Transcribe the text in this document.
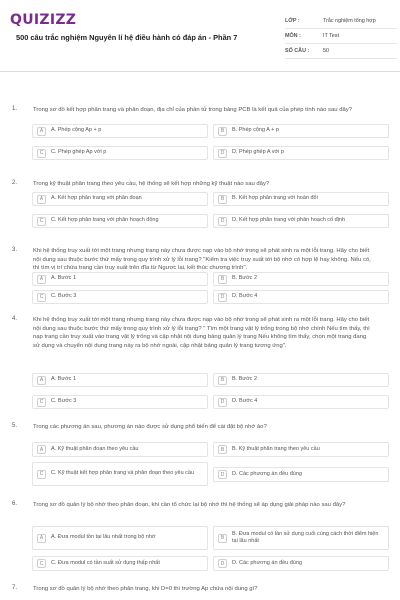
QUIZIZZ
500 câu trắc nghiệm Nguyên lí hệ điều hành có đáp án - Phần 7
LỚP :	Trắc nghiệm tổng hợp
MÔN :	IT Test
SỐ CÂU :	50
1.	Trong sơ đồ kết hợp phân trang và phân đoạn, địa chỉ của phần tử trong bảng PCB là kết quả của phép tính nào sau đây?
A	A. Phép cộng Ap + p	B	B. Phép cộng A + p
C	C. Phép ghép Ap với p	D	D. Phép ghép A với p
2.	Trong kỹ thuật phân trang theo yêu cầu, hệ thống sẽ kết hợp những kỹ thuật nào sau đây?
A	A. Kết hợp phân trang với phân đoạn	B	B. Kết hợp phân trang với hoán đổi
C	C. Kết hợp phân trang với phân hoạch động	D	D. Kết hợp phân trang với phân hoạch cố định
3.	Khi hệ thống truy xuất tới một trang nhưng trang này chưa được nạp vào bộ nhớ trong sẽ phát sinh ra một lỗi trang. Hãy cho biết nội dung sau thuộc bước thứ mấy trong quy trình xử lý lỗi trang? "Kiểm tra việc truy xuất tới bộ nhớ có hợp lệ hay không. Nếu có, thì tìm vị trí chứa trang cần truy xuất trên đĩa từ Ngược lại, kết thúc chương trình".
A	A. Bước 1	B	B. Bước 2
C	C. Bước 3	D	D. Bước 4
4.	Khi hệ thống truy xuất tới một trang nhưng trang này chưa được nạp vào bộ nhớ trong sẽ phát sinh ra một lỗi trang. Hãy cho biết nội dung sau thuộc bước thứ mấy trong quy trình xử lý lỗi trang? " Tìm một trang vật lý trống trong bộ nhớ chính Nếu tìm thấy, thì nạp trang cần truy xuất vào trang vật lý trống và cập nhật nội dung bảng quản lý trang Nếu không tìm thấy, chọn một trang đang sử dụng và chuyển nội dung trang này ra bộ nhớ ngoài, cập nhật bảng quản lý trang tương ứng".
A	A. Bước 1	B	B. Bước 2
C	C. Bước 3	D	D. Bước 4
5.	Trong các phương án sau, phương án nào được sử dụng phổ biến để cài đặt bộ nhớ ảo?
A	A. Kỹ thuật phân đoạn theo yêu cầu	B	B. Kỹ thuật phân trang theo yêu cầu
C	C. Kỹ thuật kết hợp phân trang và phân đoạn theo yêu cầu	D	D. Các phương án đều đúng
6.	Trong sơ đồ quản lý bộ nhớ theo phân đoạn, khi cần tổ chức lại bộ nhớ thì hệ thống sẽ áp dụng giải pháp nào sau đây?
A	A. Đưa modul tồn tại lâu nhất trong bộ nhớ	B
B. Đưa modul có lần sử dụng cuối cùng cách thời điểm hiện tại lâu nhất
C	C. Đưa modul có tần suất sử dụng thấp nhất	D	D. Các phương án đều đúng
7.	Trong sơ đồ quản lý bộ nhớ theo phân trang, khi D=0 thì trường Ap chứa nội dung gì?
